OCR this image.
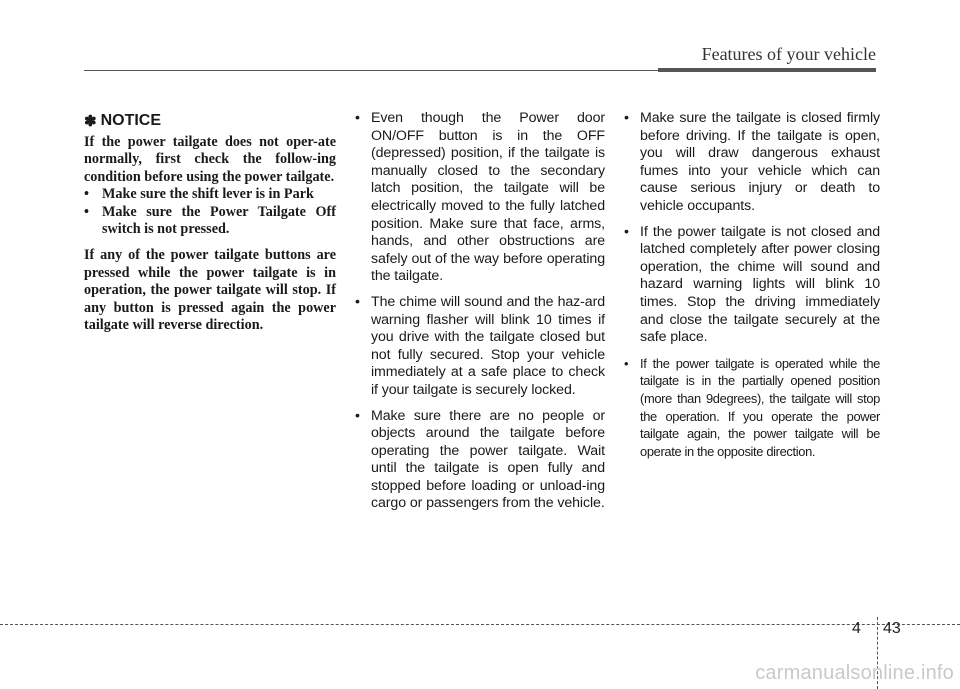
Features of your vehicle
✽ NOTICE

If the power tailgate does not oper-ate normally, first check the follow-ing condition before using the power tailgate.

• Make sure the shift lever is in Park
• Make sure the Power Tailgate Off switch is not pressed.

If any of the power tailgate buttons are pressed while the power tailgate is in operation, the power tailgate will stop. If any button is pressed again the power tailgate will reverse direction.

• Even though the Power door ON/OFF button is in the OFF (depressed) position, if the tailgate is manually closed to the secondary latch position, the tailgate will be electrically moved to the fully latched position. Make sure that face, arms, hands, and other obstructions are safely out of the way before operating the tailgate.
• The chime will sound and the haz-ard warning flasher will blink 10 times if you drive with the tailgate closed but not fully secured. Stop your vehicle immediately at a safe place to check if your tailgate is securely locked.
• Make sure there are no people or objects around the tailgate before operating the power tailgate. Wait until the tailgate is open fully and stopped before loading or unload-ing cargo or passengers from the vehicle.
• Make sure the tailgate is closed firmly before driving. If the tailgate is open, you will draw dangerous exhaust fumes into your vehicle which can cause serious injury or death to vehicle occupants.
• If the power tailgate is not closed and latched completely after power closing operation, the chime will sound and hazard warning lights will blink 10 times. Stop the driving immediately and close the tailgate securely at the safe place.
• If the power tailgate is operated while the tailgate is in the partially opened position (more than 9degrees), the tailgate will stop the operation. If you operate the power tailgate again, the power tailgate will be operate in the opposite direction.
4 43
carmanualsonline.info
